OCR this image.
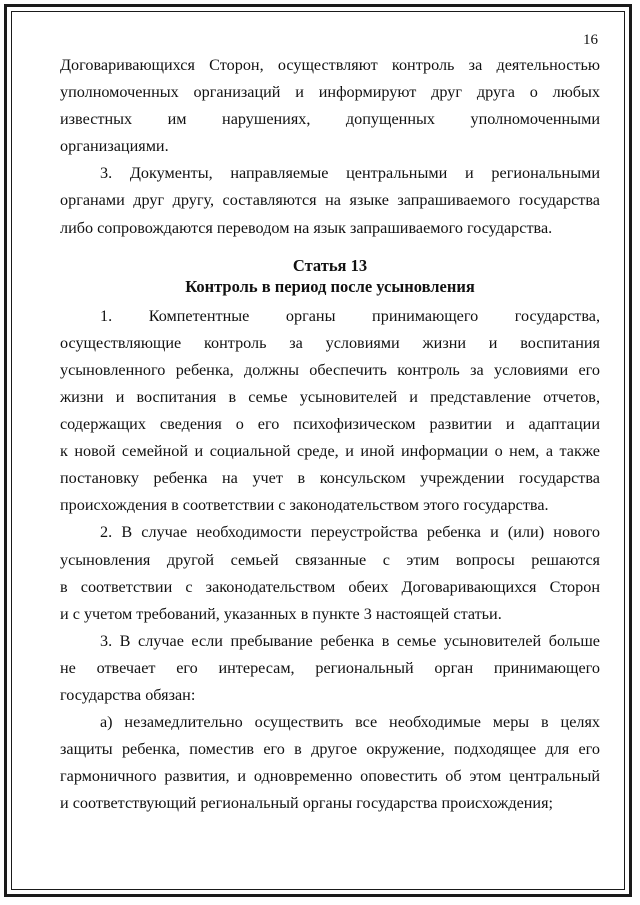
16

Договаривающихся Сторон, осуществляют контроль за деятельностью

уполномоченных организаций и информируют друг друга о любых

известных им нарушениях, допущенных уполномоченными

организациями.

3. Документы, направляемые центральными и региональными

органами друг другу, составляются на языке запрашиваемого государства

либо сопровождаются переводом на язык запрашиваемого государства.

Статья 13

Контроль в период после усыновления

1. Компетентные органы принимающего государства,

осуществляющие контроль за условиями жизни и воспитания

усыновленного ребенка, должны обеспечить контроль за условиями его

жизни и воспитания в семье усыновителей и представление отчетов,

содержащих сведения о его психофизическом развитии и адаптации

к новой семейной и социальной среде, и иной информации о нем, а также

постановку ребенка на учет в консульском учреждении государства

происхождения в соответствии с законодательством этого государства.

2. В случае необходимости переустройства ребенка и (или) нового

усыновления другой семьей связанные с этим вопросы решаются

в соответствии с законодательством обеих Договаривающихся Сторон

и с учетом требований, указанных в пункте 3 настоящей статьи.

3. В случае если пребывание ребенка в семье усыновителей больше

не отвечает его интересам, региональный орган принимающего

государства обязан:

а) незамедлительно осуществить все необходимые меры в целях

защиты ребенка, поместив его в другое окружение, подходящее для его

гармоничного развития, и одновременно оповестить об этом центральный

и соответствующий региональный органы государства происхождения;
